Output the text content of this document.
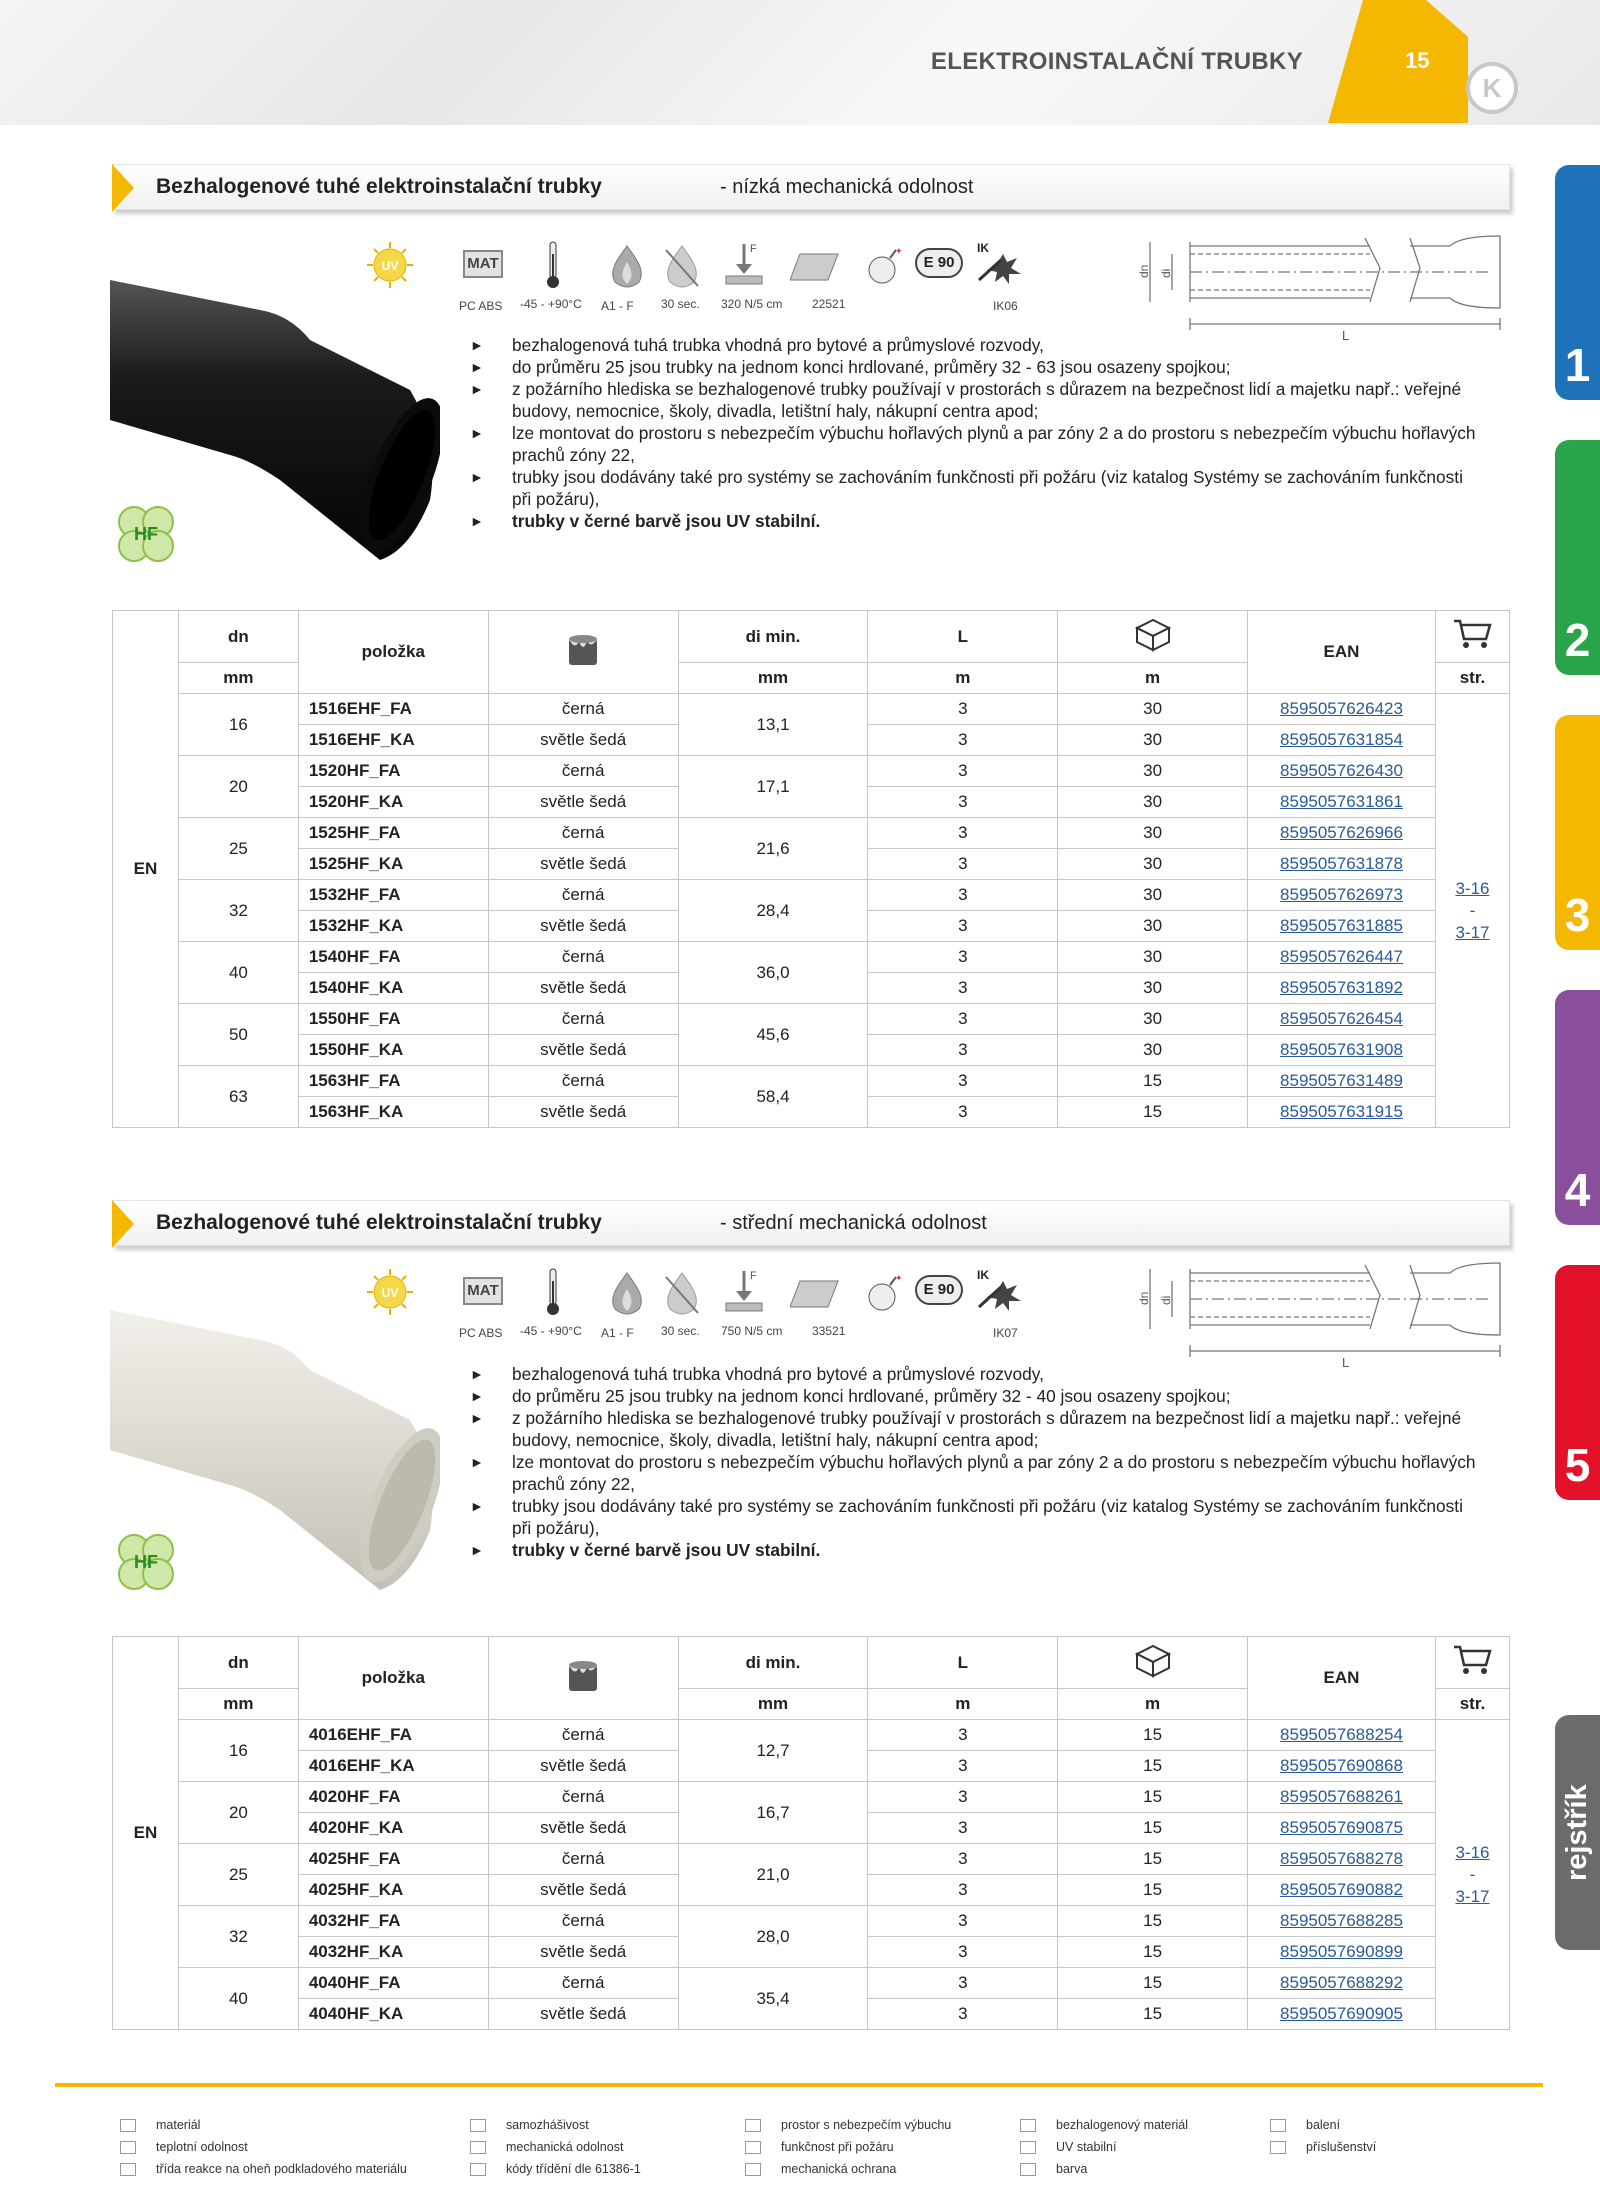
ELEKTROINSTALAČNÍ TRUBKY	15
K
1
2
3
4
5
rejstřík
Bezhalogenové tuhé elektroinstalační trubky	- nízká mechanická odolnost
HF
UV	MAT
F	✦
E 90
IK
PC ABS -45 - +90°C A1 - F 30 sec. 320 N/5 cm 22521	IK06
dn di
L
► bezhalogenová tuhá trubka vhodná pro bytové a průmyslové rozvody,
► do průměru 25 jsou trubky na jednom konci hrdlované, průměry 32 - 63 jsou osazeny spojkou;
► z požárního hlediska se bezhalogenové trubky používají v prostorách s důrazem na bezpečnost lidí a majetku např.: veřejné budovy, nemocnice, školy, divadla, letištní haly, nákupní centra apod;
► lze montovat do prostoru s nebezpečím výbuchu hořlavých plynů a par zóny 2 a do prostoru s nebezpečím výbuchu hořlavých prachů zóny 22,
► trubky jsou dodávány také pro systémy se zachováním funkčnosti při požáru (viz katalog Systémy se zachováním funkčnosti při požáru),
► trubky v černé barvě jsou UV stabilní.
EN	dn	položka		di min.	L		EAN	
	mm			mm	m	m		str.
	16	1516EHF_FA	černá	13,1	3	30	8595057626423	3-16
-
3-17
		1516EHF_KA	světle šedá		3	30	8595057631854	
	20	1520HF_FA	černá	17,1	3	30	8595057626430	
		1520HF_KA	světle šedá		3	30	8595057631861	
	25	1525HF_FA	černá	21,6	3	30	8595057626966	
		1525HF_KA	světle šedá		3	30	8595057631878	
	32	1532HF_FA	černá	28,4	3	30	8595057626973	
		1532HF_KA	světle šedá		3	30	8595057631885	
	40	1540HF_FA	černá	36,0	3	30	8595057626447	
		1540HF_KA	světle šedá		3	30	8595057631892	
	50	1550HF_FA	černá	45,6	3	30	8595057626454	
		1550HF_KA	světle šedá		3	30	8595057631908	
	63	1563HF_FA	černá	58,4	3	15	8595057631489	
		1563HF_KA	světle šedá		3	15	8595057631915	
Bezhalogenové tuhé elektroinstalační trubky	- střední mechanická odolnost
HF
UV	MAT
F	✦
E 90
IK
PC ABS -45 - +90°C A1 - F 30 sec. 750 N/5 cm 33521	IK07
dn di
L
► bezhalogenová tuhá trubka vhodná pro bytové a průmyslové rozvody,
► do průměru 25 jsou trubky na jednom konci hrdlované, průměry 32 - 40 jsou osazeny spojkou;
► z požárního hlediska se bezhalogenové trubky používají v prostorách s důrazem na bezpečnost lidí a majetku např.: veřejné budovy, nemocnice, školy, divadla, letištní haly, nákupní centra apod;
► lze montovat do prostoru s nebezpečím výbuchu hořlavých plynů a par zóny 2 a do prostoru s nebezpečím výbuchu hořlavých prachů zóny 22,
► trubky jsou dodávány také pro systémy se zachováním funkčnosti při požáru (viz katalog Systémy se zachováním funkčnosti při požáru),
► trubky v černé barvě jsou UV stabilní.
EN	dn	položka		di min.	L		EAN	
	mm			mm	m	m		str.
	16	4016EHF_FA	černá	12,7	3	15	8595057688254	3-16
-
3-17
		4016EHF_KA	světle šedá		3	15	8595057690868	
	20	4020HF_FA	černá	16,7	3	15	8595057688261	
		4020HF_KA	světle šedá		3	15	8595057690875	
	25	4025HF_FA	černá	21,0	3	15	8595057688278	
		4025HF_KA	světle šedá		3	15	8595057690882	
	32	4032HF_FA	černá	28,0	3	15	8595057688285	
		4032HF_KA	světle šedá		3	15	8595057690899	
	40	4040HF_FA	černá	35,4	3	15	8595057688292	
		4040HF_KA	světle šedá		3	15	8595057690905	
materiál
teplotní odolnost
třída reakce na oheň podkladového materiálu
samozhášivost
mechanická odolnost
kódy třídění dle 61386-1
prostor s nebezpečím výbuchu
funkčnost při požáru
mechanická ochrana
bezhalogenový materiál
UV stabilní
barva
balení
příslušenství
